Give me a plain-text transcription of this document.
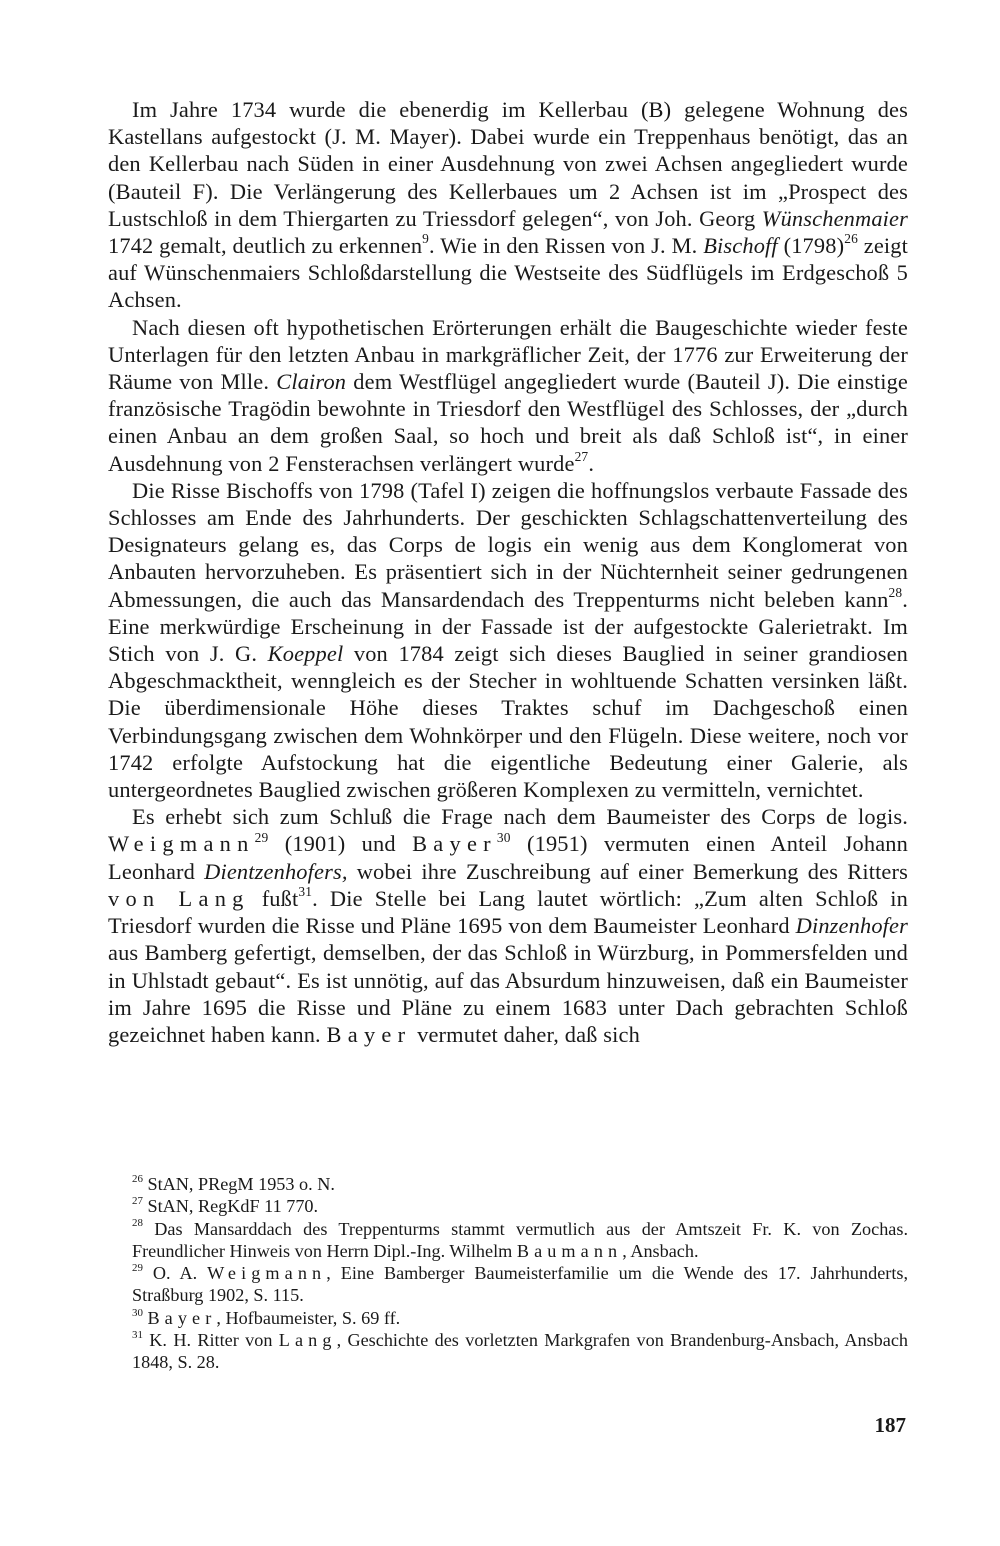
Im Jahre 1734 wurde die ebenerdig im Kellerbau (B) gelegene Wohnung des Kastellans aufgestockt (J. M. Mayer). Dabei wurde ein Treppenhaus benötigt, das an den Kellerbau nach Süden in einer Ausdehnung von zwei Achsen angegliedert wurde (Bauteil F). Die Verlängerung des Kellerbaues um 2 Achsen ist im „Prospect des Lustschloß in dem Thiergarten zu Triessdorf gelegen“, von Joh. Georg Wünschenmaier 1742 gemalt, deutlich zu erkennen$^9$. Wie in den Rissen von J. M. Bischoff $(1798)^{26}$ zeigt auf Wünschenmaiers Schloßdarstellung die Westseite des Südflügels im Erdgeschoß 5 Achsen.

Nach diesen oft hypothetischen Erörterungen erhält die Baugeschichte wieder feste Unterlagen für den letzten Anbau in markgräflicher Zeit, der 1776 zur Erweiterung der Räume von Mlle. Clairon dem Westflügel angegliedert wurde (Bauteil J). Die einstige französische Tragödin bewohnte in Triesdorf den Westflügel des Schlosses, der „durch einen Anbau an dem großen Saal, so hoch und breit als daß Schloß ist“, in einer Ausdehnung von 2 Fensterachsen verlängert wurde$^{27}$.

Die Risse Bischoffs von 1798 (Tafel I) zeigen die hoffnungslos verbaute Fassade des Schlosses am Ende des Jahrhunderts. Der geschickten Schlagschattenverteilung des Designateurs gelang es, das Corps de logis ein wenig aus dem Konglomerat von Anbauten hervorzuheben. Es präsentiert sich in der Nüchternheit seiner gedrungenen Abmessungen, die auch das Mansardendach des Treppenturms nicht beleben kann$^{28}$. Eine merkwürdige Erscheinung in der Fassade ist der aufgestockte Galerietrakt. Im Stich von J. G. Koeppel von 1784 zeigt sich dieses Bauglied in seiner grandiosen Abgeschmacktheit, wenngleich es der Stecher in wohltuende Schatten versinken läßt. Die überdimensionale Höhe dieses Traktes schuf im Dachgeschoß einen Verbindungsgang zwischen dem Wohnkörper und den Flügeln. Diese weitere, noch vor 1742 erfolgte Aufstockung hat die eigentliche Bedeutung einer Galerie, als untergeordnetes Bauglied zwischen größeren Komplexen zu vermitteln, vernichtet.

Es erhebt sich zum Schluß die Frage nach dem Baumeister des Corps de logis. Weigmann$^{29}$ (1901) und Bayer$^{30}$ (1951) vermuten einen Anteil Johann Leonhard Dientzenhofers, wobei ihre Zuschreibung auf einer Bemerkung des Ritters von Lang fußt$^{31}$. Die Stelle bei Lang lautet wörtlich: „Zum alten Schloß in Triesdorf wurden die Risse und Pläne 1695 von dem Baumeister Leonhard Dinzenhofer aus Bamberg gefertigt, demselben, der das Schloß in Würzburg, in Pommersfelden und in Uhlstadt gebaut“. Es ist unnötig, auf das Absurdum hinzuweisen, daß ein Baumeister im Jahre 1695 die Risse und Pläne zu einem 1683 unter Dach gebrachten Schloß gezeichnet haben kann. Bayer vermutet daher, daß sich

$^{26}$ StAN, PRegM 1953 o. N.

$^{27}$ StAN, RegKdF 11 770.

$^{28}$ Das Mansarddach des Treppenturms stammt vermutlich aus der Amtszeit Fr. K. von Zochas. Freundlicher Hinweis von Herrn Dipl.-Ing. Wilhelm Baumann, Ansbach.

$^{29}$ O. A. Weigmann, Eine Bamberger Baumeisterfamilie um die Wende des 17. Jahrhunderts, Straßburg 1902, S. 115.

$^{30}$ Bayer, Hofbaumeister, S. 69 ff.

$^{31}$ K. H. Ritter von Lang, Geschichte des vorletzten Markgrafen von Brandenburg-Ansbach, Ansbach 1848, S. 28.

187
